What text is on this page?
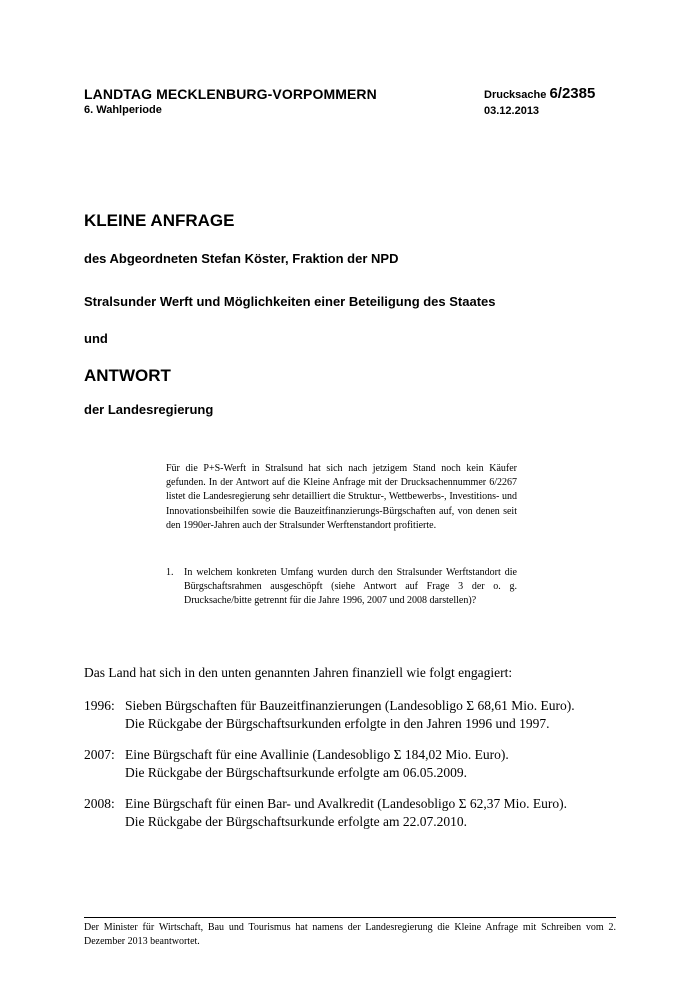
LANDTAG MECKLENBURG-VORPOMMERN
6. Wahlperiode
Drucksache 6/2385
03.12.2013
KLEINE ANFRAGE
des Abgeordneten Stefan Köster, Fraktion der NPD
Stralsunder Werft und Möglichkeiten einer Beteiligung des Staates
und
ANTWORT
der Landesregierung

Für die P+S-Werft in Stralsund hat sich nach jetzigem Stand noch kein Käufer gefunden. In der Antwort auf die Kleine Anfrage mit der Drucksachennummer 6/2267 listet die Landesregierung sehr detailliert die Struktur-, Wettbewerbs-, Investitions- und Innovationsbeihilfen sowie die Bauzeitfinanzierungs-Bürgschaften auf, von denen seit den 1990er-Jahren auch der Stralsunder Werftenstandort profitierte.

1. In welchem konkreten Umfang wurden durch den Stralsunder Werftstandort die Bürgschaftsrahmen ausgeschöpft (siehe Antwort auf Frage 3 der o. g. Drucksache/bitte getrennt für die Jahre 1996, 2007 und 2008 darstellen)?
Das Land hat sich in den unten genannten Jahren finanziell wie folgt engagiert:
1996: Sieben Bürgschaften für Bauzeitfinanzierungen (Landesobligo Σ 68,61 Mio. Euro).
Die Rückgabe der Bürgschaftsurkunden erfolgte in den Jahren 1996 und 1997.
2007: Eine Bürgschaft für eine Avallinie (Landesobligo Σ 184,02 Mio. Euro).
Die Rückgabe der Bürgschaftsurkunde erfolgte am 06.05.2009.
2008: Eine Bürgschaft für einen Bar- und Avalkredit (Landesobligo Σ 62,37 Mio. Euro).
Die Rückgabe der Bürgschaftsurkunde erfolgte am 22.07.2010.

Der Minister für Wirtschaft, Bau und Tourismus hat namens der Landesregierung die Kleine Anfrage mit Schreiben vom 2. Dezember 2013 beantwortet.
